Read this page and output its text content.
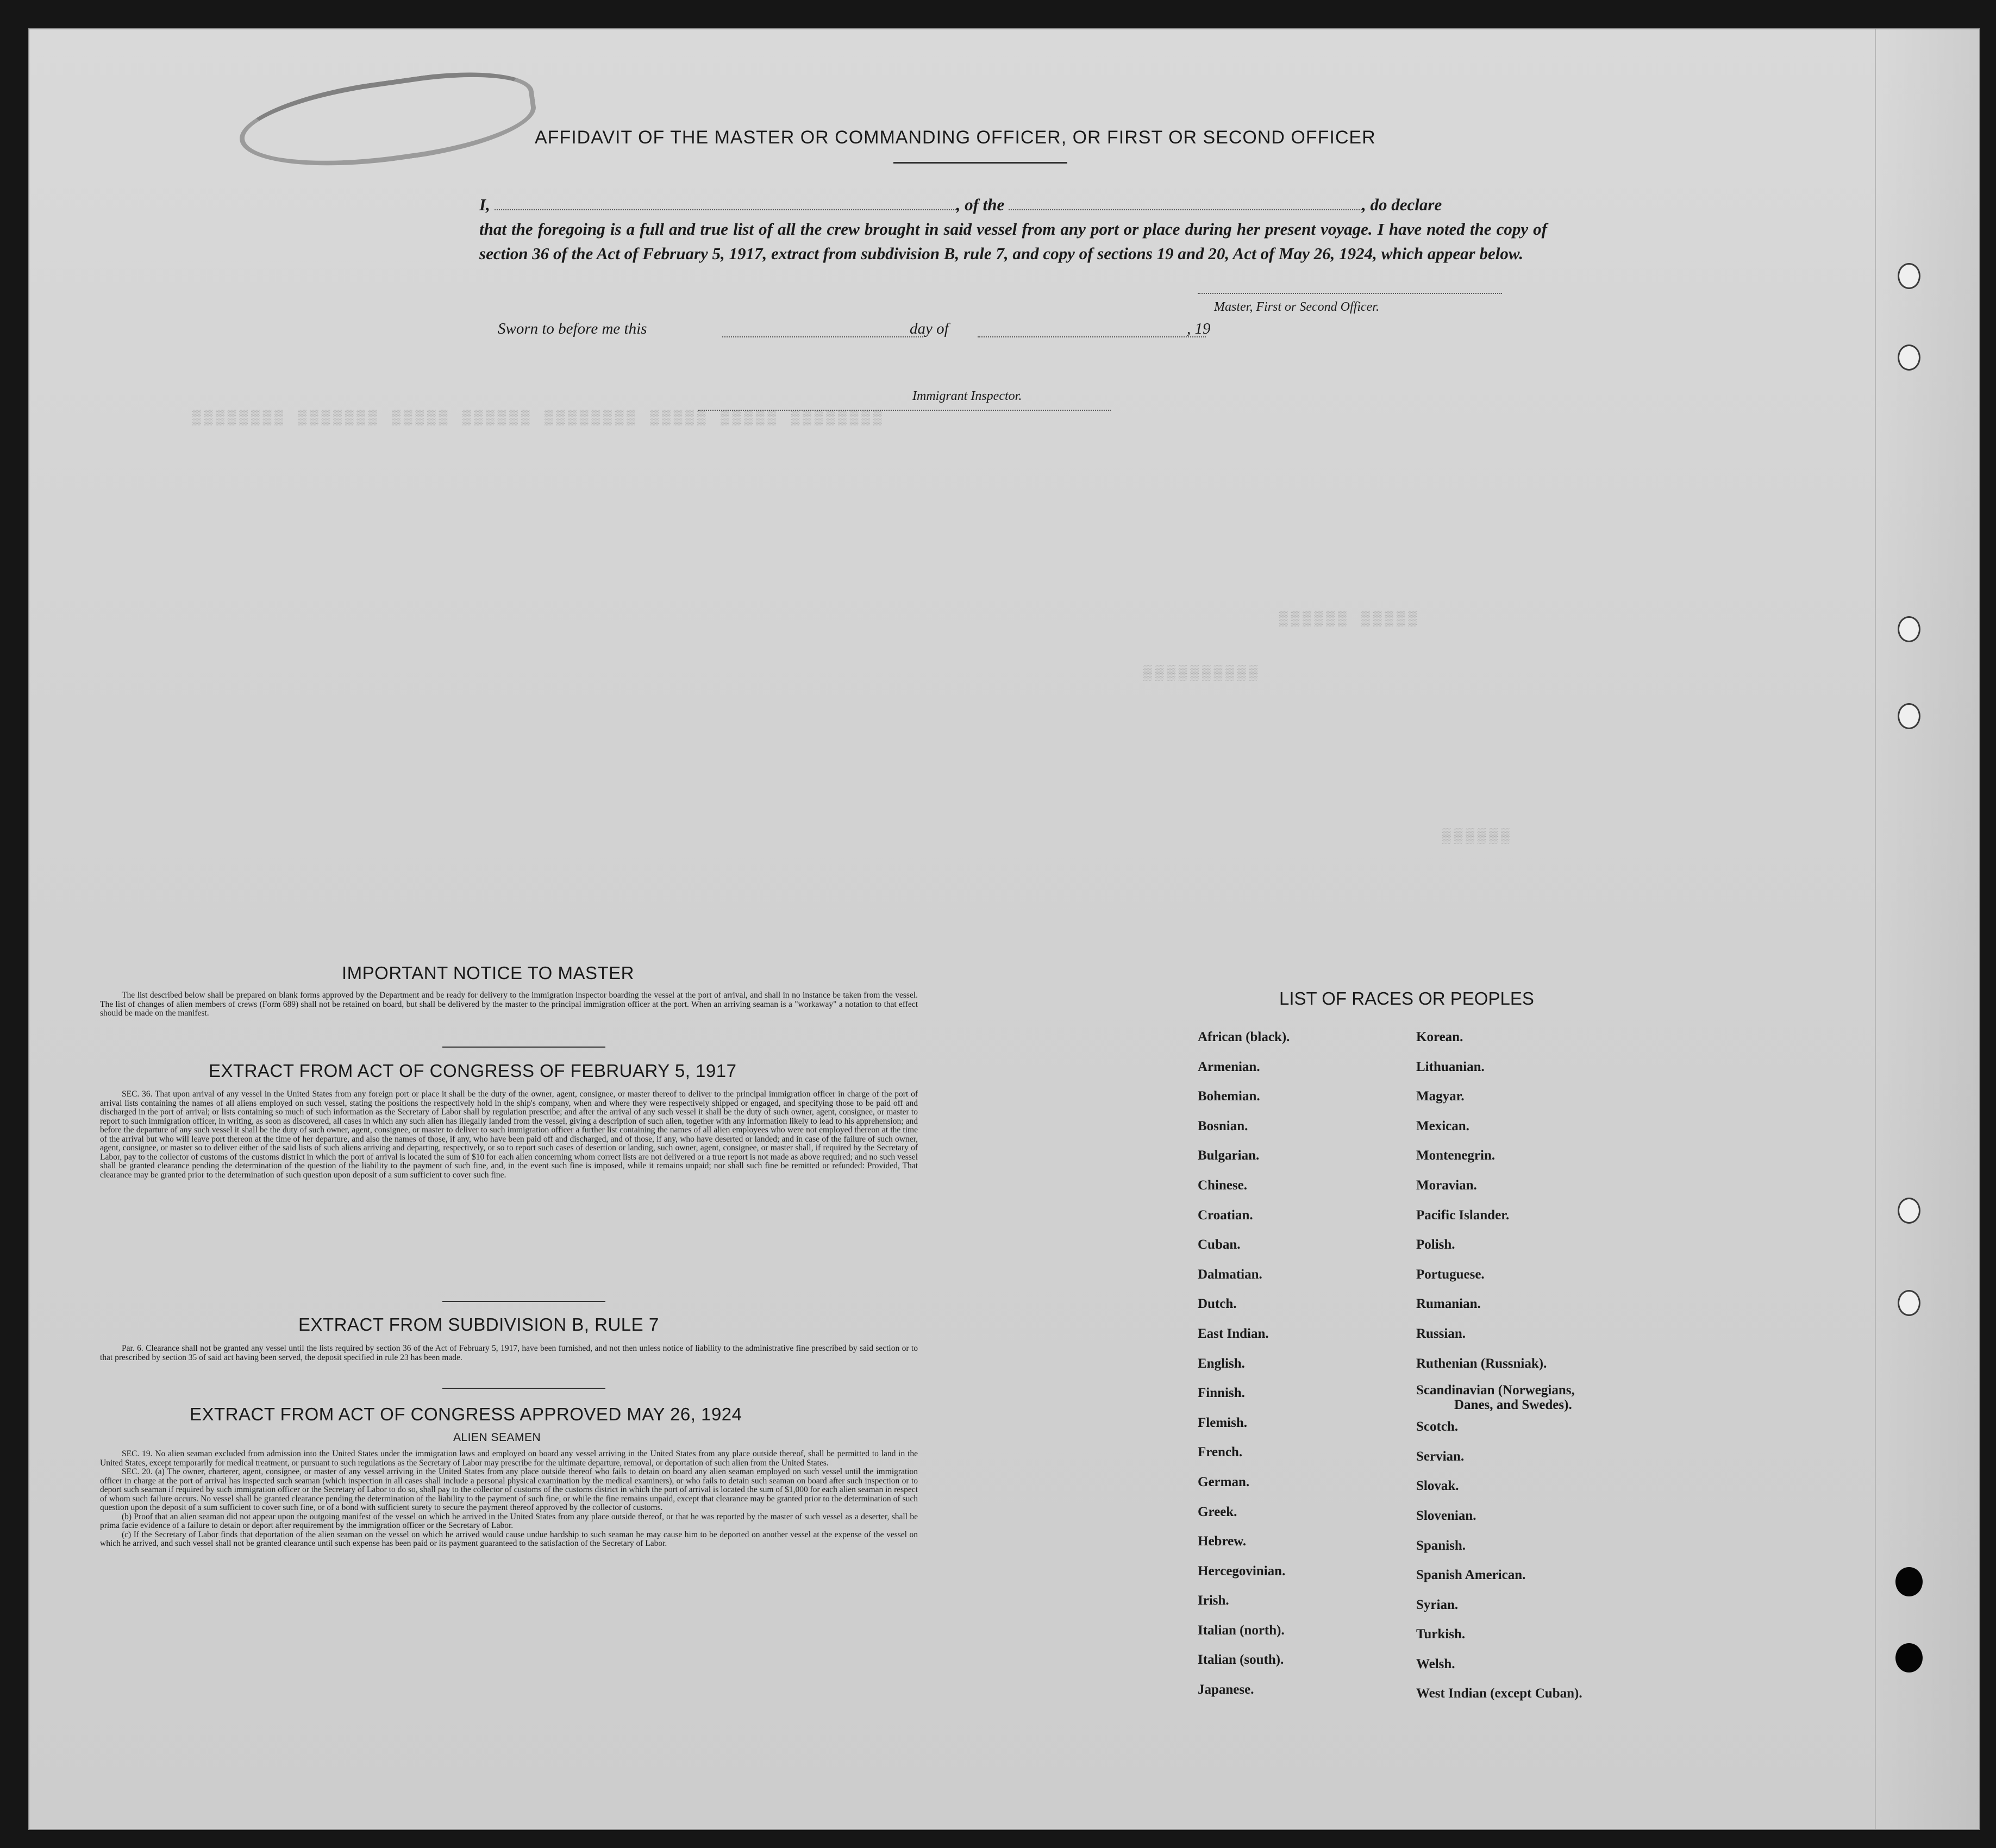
▒▒▒▒▒▒▒▒ ▒▒▒▒▒▒▒ ▒▒▒▒▒ ▒▒▒▒▒▒ ▒▒▒▒▒▒▒▒ ▒▒▒▒▒ ▒▒▒▒▒ ▒▒▒▒▒▒▒▒
▒▒▒▒▒▒ ▒▒▒▒▒
▒▒▒▒▒▒▒▒▒▒
▒▒▒▒▒▒
AFFIDAVIT OF THE MASTER OR COMMANDING OFFICER, OR FIRST OR SECOND OFFICER
I,	, of the	, do declare
that the foregoing is a full and true list of all the crew brought in said vessel from any port or place during her present voyage. I have noted the copy of section 36 of the Act of February 5, 1917, extract from subdivision B, rule 7, and copy of sections 19 and 20, Act of May 26, 1924, which appear below.
Master, First or Second Officer.
Sworn to before me this	day of	, 19
Immigrant Inspector.
IMPORTANT NOTICE TO MASTER
The list described below shall be prepared on blank forms approved by the Department and be ready for delivery to the immigration inspector boarding the vessel at the port of arrival, and shall in no instance be taken from the vessel. The list of changes of alien members of crews (Form 689) shall not be retained on board, but shall be delivered by the master to the principal immigration officer at the port. When an arriving seaman is a "workaway" a notation to that effect should be made on the manifest.
EXTRACT FROM ACT OF CONGRESS OF FEBRUARY 5, 1917
SEC. 36. That upon arrival of any vessel in the United States from any foreign port or place it shall be the duty of the owner, agent, consignee, or master thereof to deliver to the principal immigration officer in charge of the port of arrival lists containing the names of all aliens employed on such vessel, stating the positions the respectively hold in the ship's company, when and where they were respectively shipped or engaged, and specifying those to be paid off and discharged in the port of arrival; or lists containing so much of such information as the Secretary of Labor shall by regulation prescribe; and after the arrival of any such vessel it shall be the duty of such owner, agent, consignee, or master to report to such immigration officer, in writing, as soon as discovered, all cases in which any such alien has illegally landed from the vessel, giving a description of such alien, together with any information likely to lead to his apprehension; and before the departure of any such vessel it shall be the duty of such owner, agent, consignee, or master to deliver to such immigration officer a further list containing the names of all alien employees who were not employed thereon at the time of the arrival but who will leave port thereon at the time of her departure, and also the names of those, if any, who have been paid off and discharged, and of those, if any, who have deserted or landed; and in case of the failure of such owner, agent, consignee, or master so to deliver either of the said lists of such aliens arriving and departing, respectively, or so to report such cases of desertion or landing, such owner, agent, consignee, or master shall, if required by the Secretary of Labor, pay to the collector of customs of the customs district in which the port of arrival is located the sum of $10 for each alien concerning whom correct lists are not delivered or a true report is not made as above required; and no such vessel shall be granted clearance pending the determination of the question of the liability to the payment of such fine, and, in the event such fine is imposed, while it remains unpaid; nor shall such fine be remitted or refunded: Provided, That clearance may be granted prior to the determination of such question upon deposit of a sum sufficient to cover such fine.
EXTRACT FROM SUBDIVISION B, RULE 7
Par. 6. Clearance shall not be granted any vessel until the lists required by section 36 of the Act of February 5, 1917, have been furnished, and not then unless notice of liability to the administrative fine prescribed by said section or to that prescribed by section 35 of said act having been served, the deposit specified in rule 23 has been made.
EXTRACT FROM ACT OF CONGRESS APPROVED MAY 26, 1924
ALIEN SEAMEN

SEC. 19. No alien seaman excluded from admission into the United States under the immigration laws and employed on board any vessel arriving in the United States from any place outside thereof, shall be permitted to land in the United States, except temporarily for medical treatment, or pursuant to such regulations as the Secretary of Labor may prescribe for the ultimate departure, removal, or deportation of such alien from the United States.

SEC. 20. (a) The owner, charterer, agent, consignee, or master of any vessel arriving in the United States from any place outside thereof who fails to detain on board any alien seaman employed on such vessel until the immigration officer in charge at the port of arrival has inspected such seaman (which inspection in all cases shall include a personal physical examination by the medical examiners), or who fails to detain such seaman on board after such inspection or to deport such seaman if required by such immigration officer or the Secretary of Labor to do so, shall pay to the collector of customs of the customs district in which the port of arrival is located the sum of $1,000 for each alien seaman in respect of whom such failure occurs. No vessel shall be granted clearance pending the determination of the liability to the payment of such fine, or while the fine remains unpaid, except that clearance may be granted prior to the determination of such question upon the deposit of a sum sufficient to cover such fine, or of a bond with sufficient surety to secure the payment thereof approved by the collector of customs.

(b) Proof that an alien seaman did not appear upon the outgoing manifest of the vessel on which he arrived in the United States from any place outside thereof, or that he was reported by the master of such vessel as a deserter, shall be prima facie evidence of a failure to detain or deport after requirement by the immigration officer or the Secretary of Labor.

(c) If the Secretary of Labor finds that deportation of the alien seaman on the vessel on which he arrived would cause undue hardship to such seaman he may cause him to be deported on another vessel at the expense of the vessel on which he arrived, and such vessel shall not be granted clearance until such expense has been paid or its payment guaranteed to the satisfaction of the Secretary of Labor.

LIST OF RACES OR PEOPLES
African (black).
Armenian.
Bohemian.
Bosnian.
Bulgarian.
Chinese.
Croatian.
Cuban.
Dalmatian.
Dutch.
East Indian.
English.
Finnish.
Flemish.
French.
German.
Greek.
Hebrew.
Hercegovinian.
Irish.
Italian (north).
Italian (south).
Japanese.
Korean.
Lithuanian.
Magyar.
Mexican.
Montenegrin.
Moravian.
Pacific Islander.
Polish.
Portuguese.
Rumanian.
Russian.
Ruthenian (Russniak).
Scandinavian (Norwegians,
Danes, and Swedes).
Scotch.
Servian.
Slovak.
Slovenian.
Spanish.
Spanish American.
Syrian.
Turkish.
Welsh.
West Indian (except Cuban).
